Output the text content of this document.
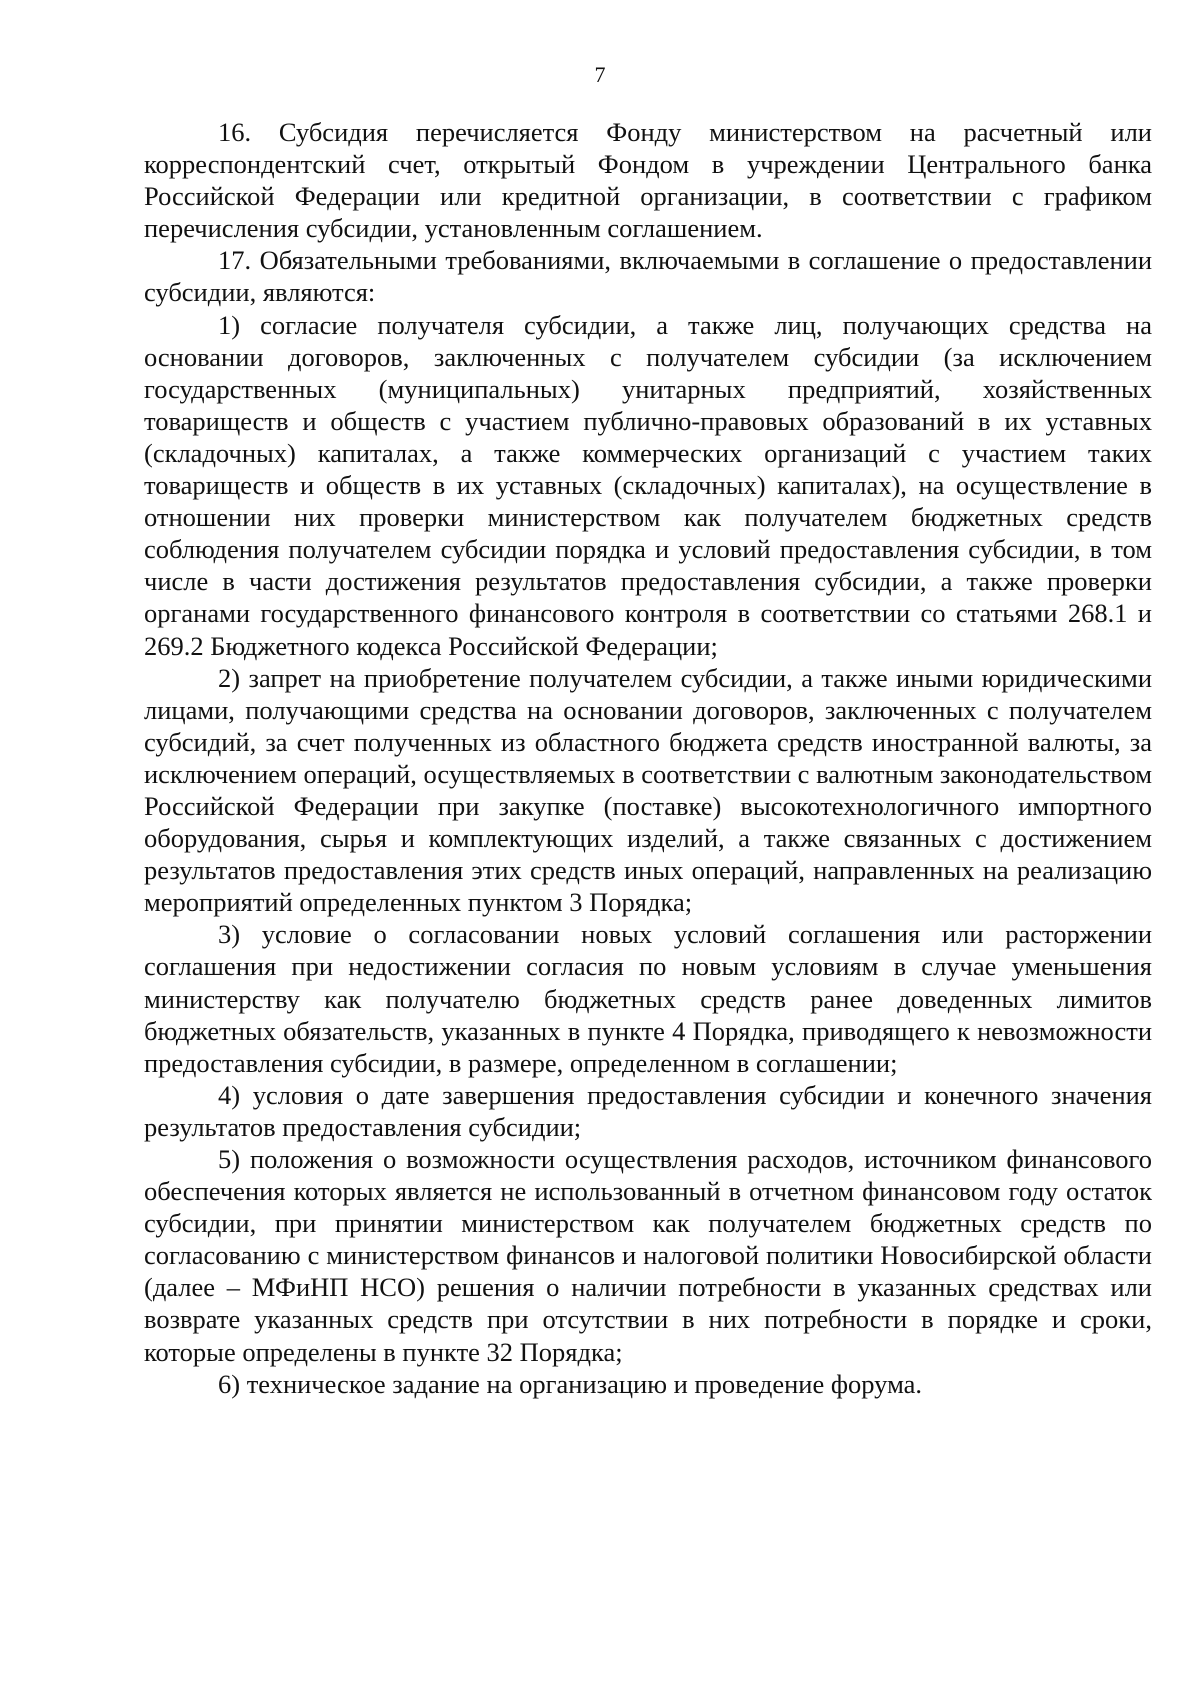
7

16. Субсидия перечисляется Фонду министерством на расчетный или корреспондентский счет, открытый Фондом в учреждении Центрального банка Российской Федерации или кредитной организации, в соответствии с графиком перечисления субсидии, установленным соглашением.

17. Обязательными требованиями, включаемыми в соглашение о предоставлении субсидии, являются:

1) согласие получателя субсидии, а также лиц, получающих средства на основании договоров, заключенных с получателем субсидии (за исключением государственных (муниципальных) унитарных предприятий, хозяйственных товариществ и обществ с участием публично-правовых образований в их уставных (складочных) капиталах, а также коммерческих организаций с участием таких товариществ и обществ в их уставных (складочных) капиталах), на осуществление в отношении них проверки министерством как получателем бюджетных средств соблюдения получателем субсидии порядка и условий предоставления субсидии, в том числе в части достижения результатов предоставления субсидии, а также проверки органами государственного финансового контроля в соответствии со статьями 268.1 и 269.2 Бюджетного кодекса Российской Федерации;

2) запрет на приобретение получателем субсидии, а также иными юридическими лицами, получающими средства на основании договоров, заключенных с получателем субсидий, за счет полученных из областного бюджета средств иностранной валюты, за исключением операций, осуществляемых в соответствии с валютным законодательством Российской Федерации при закупке (поставке) высокотехнологичного импортного оборудования, сырья и комплектующих изделий, а также связанных с достижением результатов предоставления этих средств иных операций, направленных на реализацию мероприятий определенных пунктом 3 Порядка;

3) условие о согласовании новых условий соглашения или расторжении соглашения при недостижении согласия по новым условиям в случае уменьшения министерству как получателю бюджетных средств ранее доведенных лимитов бюджетных обязательств, указанных в пункте 4 Порядка, приводящего к невозможности предоставления субсидии, в размере, определенном в соглашении;

4) условия о дате завершения предоставления субсидии и конечного значения результатов предоставления субсидии;

5) положения о возможности осуществления расходов, источником финансового обеспечения которых является не использованный в отчетном финансовом году остаток субсидии, при принятии министерством как получателем бюджетных средств по согласованию с министерством финансов и налоговой политики Новосибирской области (далее – МФиНП НСО) решения о наличии потребности в указанных средствах или возврате указанных средств при отсутствии в них потребности в порядке и сроки, которые определены в пункте 32 Порядка;

6) техническое задание на организацию и проведение форума.
